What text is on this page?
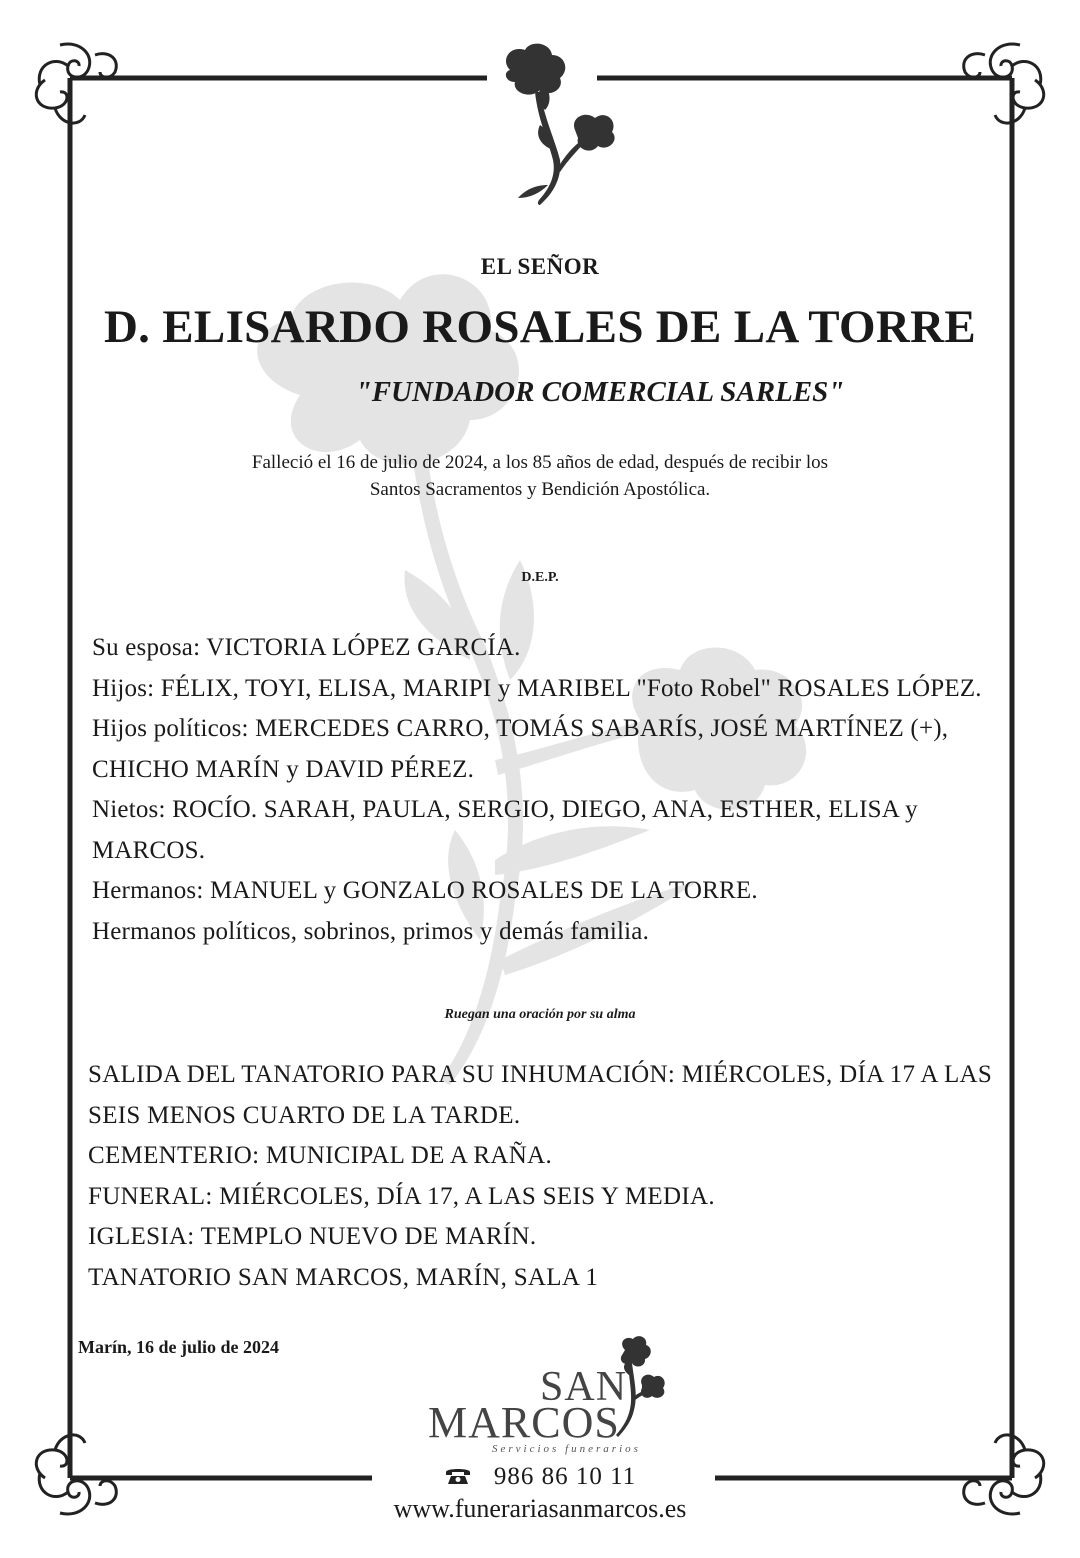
EL SEÑOR
D. ELISARDO ROSALES DE LA TORRE
"FUNDADOR COMERCIAL SARLES"
Falleció el 16 de julio de 2024, a los 85 años de edad, después de recibir los
Santos Sacramentos y Bendición Apostólica.
D.E.P.

Su esposa: VICTORIA LÓPEZ GARCÍA.

Hijos: FÉLIX, TOYI, ELISA, MARIPI y MARIBEL "Foto Robel" ROSALES LÓPEZ.

Hijos políticos: MERCEDES CARRO, TOMÁS SABARÍS, JOSÉ MARTÍNEZ (+), CHICHO MARÍN y DAVID PÉREZ.

Nietos: ROCÍO. SARAH, PAULA, SERGIO, DIEGO, ANA, ESTHER, ELISA y MARCOS.

Hermanos: MANUEL y GONZALO ROSALES DE LA TORRE.

Hermanos políticos, sobrinos, primos y demás familia.

Ruegan una oración por su alma

SALIDA DEL TANATORIO PARA SU INHUMACIÓN: MIÉRCOLES, DÍA 17 A LAS SEIS MENOS CUARTO DE LA TARDE.

CEMENTERIO: MUNICIPAL DE A RAÑA.

FUNERAL: MIÉRCOLES, DÍA 17, A LAS SEIS Y MEDIA.

IGLESIA: TEMPLO NUEVO DE MARÍN.

TANATORIO SAN MARCOS, MARÍN, SALA 1

Marín, 16 de julio de 2024
SAN
MARCOS
Servicios funerarios
986 86 10 11
www.funerariasanmarcos.es
